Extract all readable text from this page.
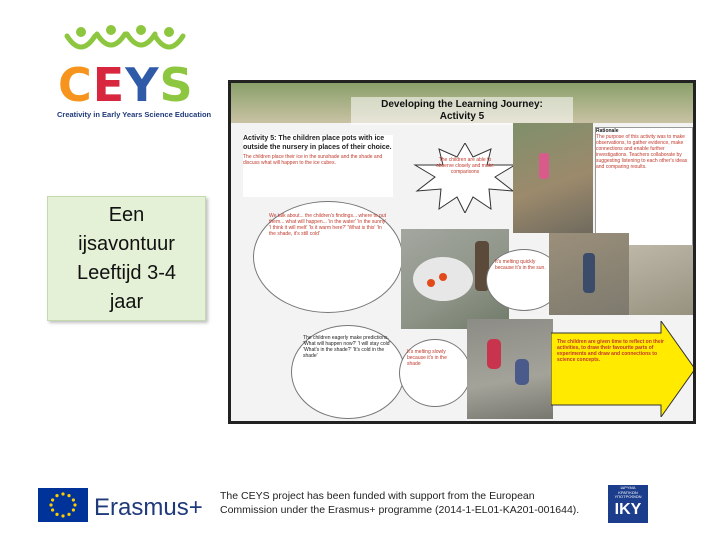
CEYS
Creativity in Early Years Science Education
Een
ijsavontuur
Leeftijd 3-4
jaar
Developing the Learning Journey:
Activity 5
Activity 5: The children place pots with ice outside the nursery in places of their choice.
The children place their ice in the sunshade and the shade and discuss what will happen to the ice cubes.	The children are able to observe closely and make comparisons
Rationale
The purpose of this activity was to make observations, to gather evidence, make connections and enable further investigations. Teachers collaborate by suggesting listening to each other's ideas and comparing results.
We talk about... the children's findings... where to put them... what will happen... 'in the water' 'in the sunny' 'I think it will melt' 'Is it warm here?' 'What is this' 'In the shade, it's still cold'
It's melting quickly because it's in the sun.
The children eagerly make predictions. 'What will happen now?' 'I will stay cold' 'What's in the shade?' 'It's cold in the shade'
It's melting slowly because it's in the shade
The children are given time to reflect on their activities, to draw their favourite parts of experiments and draw and connections to science concepts.
Erasmus+ The CEYS project has been funded with support from the European
Commission under the Erasmus+ programme (2014-1-EL01-KA201-001644).
ΙΔΡΥΜΑ
ΚΡΑΤΙΚΩΝ
ΥΠΟΤΡΟΦΙΩΝ
IKY
